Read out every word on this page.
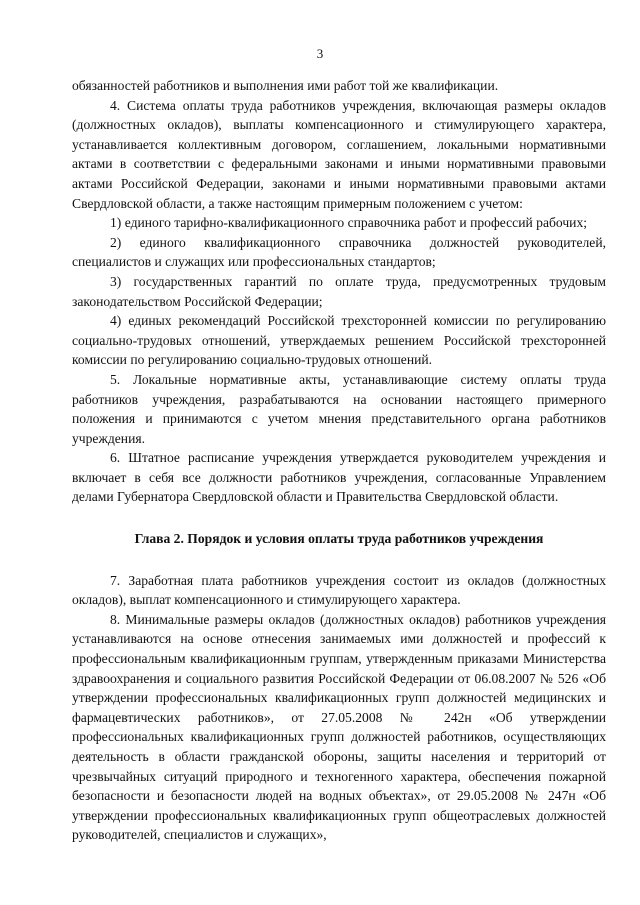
3

обязанностей работников и выполнения ими работ той же квалификации.

4. Система оплаты труда работников учреждения, включающая размеры окладов (должностных окладов), выплаты компенсационного и стимулирующего характера, устанавливается коллективным договором, соглашением, локальными нормативными актами в соответствии с федеральными законами и иными нормативными правовыми актами Российской Федерации, законами и иными нормативными правовыми актами Свердловской области, а также настоящим примерным положением с учетом:

1) единого тарифно-квалификационного справочника работ и профессий рабочих;

2) единого квалификационного справочника должностей руководителей, специалистов и служащих или профессиональных стандартов;

3) государственных гарантий по оплате труда, предусмотренных трудовым законодательством Российской Федерации;

4) единых рекомендаций Российской трехсторонней комиссии по регулированию социально-трудовых отношений, утверждаемых решением Российской трехсторонней комиссии по регулированию социально-трудовых отношений.

5. Локальные нормативные акты, устанавливающие систему оплаты труда работников учреждения, разрабатываются на основании настоящего примерного положения и принимаются с учетом мнения представительного органа работников учреждения.

6. Штатное расписание учреждения утверждается руководителем учреждения и включает в себя все должности работников учреждения, согласованные Управлением делами Губернатора Свердловской области и Правительства Свердловской области.

Глава 2. Порядок и условия оплаты труда работников учреждения

7. Заработная плата работников учреждения состоит из окладов (должностных окладов), выплат компенсационного и стимулирующего характера.

8. Минимальные размеры окладов (должностных окладов) работников учреждения устанавливаются на основе отнесения занимаемых ими должностей и профессий к профессиональным квалификационным группам, утвержденным приказами Министерства здравоохранения и социального развития Российской Федерации от 06.08.2007 № 526 «Об утверждении профессиональных квалификационных групп должностей медицинских и фармацевтических работников», от 27.05.2008 № 242н «Об утверждении профессиональных квалификационных групп должностей работников, осуществляющих деятельность в области гражданской обороны, защиты населения и территорий от чрезвычайных ситуаций природного и техногенного характера, обеспечения пожарной безопасности и безопасности людей на водных объектах», от 29.05.2008 № 247н «Об утверждении профессиональных квалификационных групп общеотраслевых должностей руководителей, специалистов и служащих»,
